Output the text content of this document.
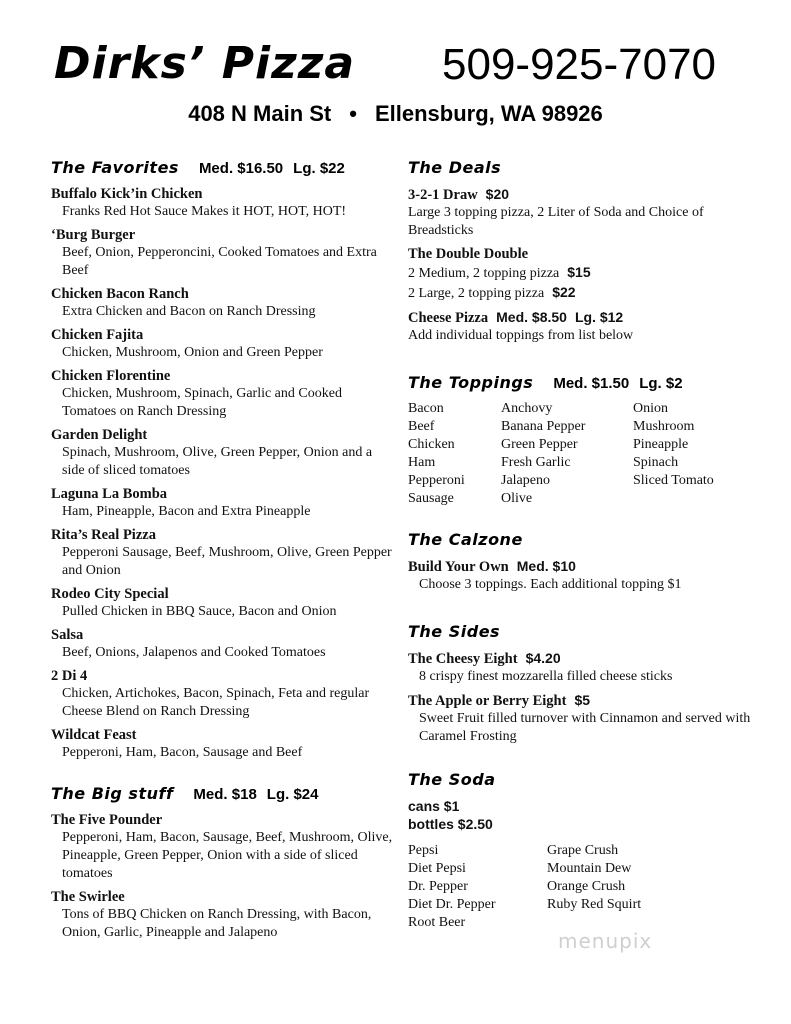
Dirks’ Pizza 509-925-7070
408 N Main St • Ellensburg, WA 98926
The Favorites Med. $16.50 Lg. $22
Buffalo Kick’in Chicken
Franks Red Hot Sauce Makes it HOT, HOT, HOT!
‘Burg Burger
Beef, Onion, Pepperoncini, Cooked Tomatoes and Extra Beef
Chicken Bacon Ranch
Extra Chicken and Bacon on Ranch Dressing
Chicken Fajita
Chicken, Mushroom, Onion and Green Pepper
Chicken Florentine
Chicken, Mushroom, Spinach, Garlic and Cooked Tomatoes on Ranch Dressing
Garden Delight
Spinach, Mushroom, Olive, Green Pepper, Onion and a side of sliced tomatoes
Laguna La Bomba
Ham, Pineapple, Bacon and Extra Pineapple
Rita’s Real Pizza
Pepperoni Sausage, Beef, Mushroom, Olive, Green Pepper and Onion
Rodeo City Special
Pulled Chicken in BBQ Sauce, Bacon and Onion
Salsa
Beef, Onions, Jalapenos and Cooked Tomatoes
2 Di 4
Chicken, Artichokes, Bacon, Spinach, Feta and regular Cheese Blend on Ranch Dressing
Wildcat Feast
Pepperoni, Ham, Bacon, Sausage and Beef
The Big stuff Med. $18 Lg. $24
The Five Pounder
Pepperoni, Ham, Bacon, Sausage, Beef, Mushroom, Olive, Pineapple, Green Pepper, Onion with a side of sliced tomatoes
The Swirlee
Tons of BBQ Chicken on Ranch Dressing, with Bacon, Onion, Garlic, Pineapple and Jalapeno
The Deals
3-2-1 Draw $20
Large 3 topping pizza, 2 Liter of Soda and Choice of Breadsticks
The Double Double
2 Medium, 2 topping pizza $15
2 Large, 2 topping pizza $22
Cheese Pizza Med. $8.50 Lg. $12
Add individual toppings from list below
The Toppings Med. $1.50 Lg. $2
Bacon
Beef
Chicken
Ham
Pepperoni
Sausage
Anchovy
Banana Pepper
Green Pepper
Fresh Garlic
Jalapeno
Olive
Onion
Mushroom
Pineapple
Spinach
Sliced Tomato
The Calzone
Build Your Own Med. $10
Choose 3 toppings. Each additional topping $1
The Sides
The Cheesy Eight $4.20
8 crispy finest mozzarella filled cheese sticks
The Apple or Berry Eight $5
Sweet Fruit filled turnover with Cinnamon and served with Caramel Frosting
The Soda
cans $1
bottles $2.50
Pepsi
Diet Pepsi
Dr. Pepper
Diet Dr. Pepper
Root Beer
Grape Crush
Mountain Dew
Orange Crush
Ruby Red Squirt
menupix
